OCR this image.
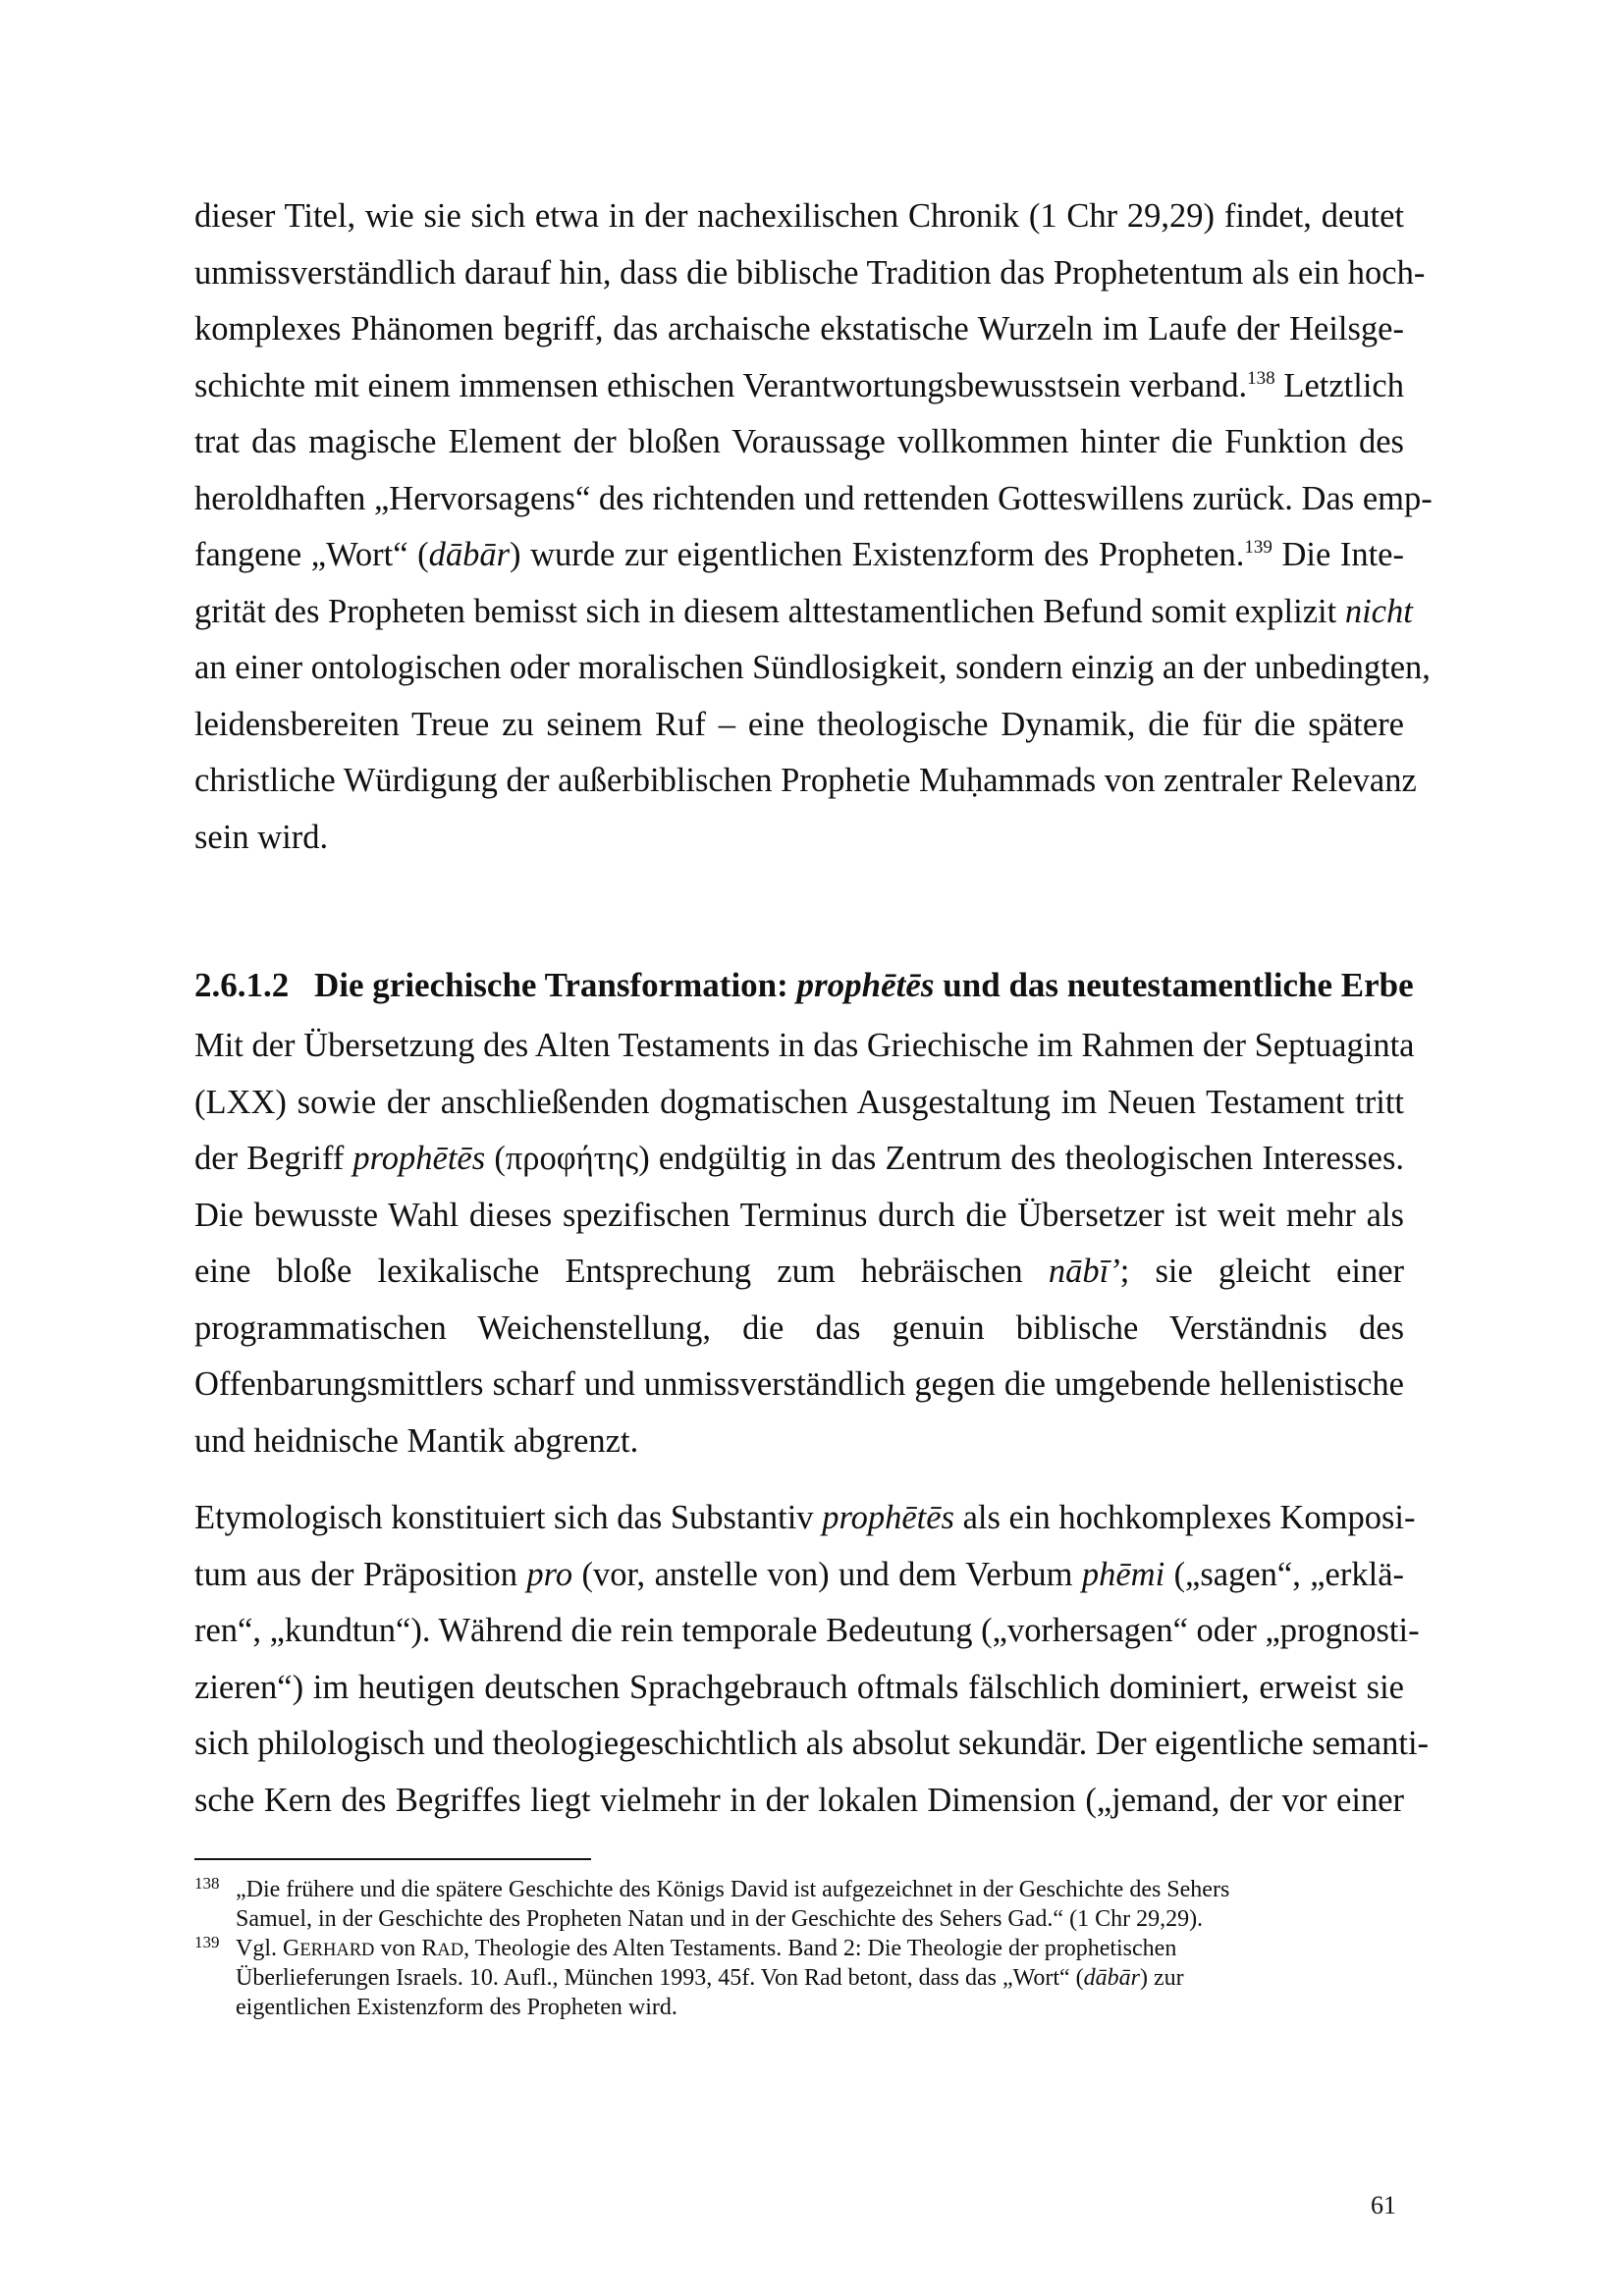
dieser Titel, wie sie sich etwa in der nachexilischen Chronik (1 Chr 29,29) findet, deutet
unmissverständlich darauf hin, dass die biblische Tradition das Prophetentum als ein hoch-
komplexes Phänomen begriff, das archaische ekstatische Wurzeln im Laufe der Heilsge-
schichte mit einem immensen ethischen Verantwortungsbewusstsein verband.$^{138}$ Letztlich
trat das magische Element der bloßen Voraussage vollkommen hinter die Funktion des
heroldhaften „Hervorsagens“ des richtenden und rettenden Gotteswillens zurück. Das emp-
fangene „Wort“ (dābār) wurde zur eigentlichen Existenzform des Propheten.$^{139}$ Die Inte-
grität des Propheten bemisst sich in diesem alttestamentlichen Befund somit explizit nicht
an einer ontologischen oder moralischen Sündlosigkeit, sondern einzig an der unbedingten,
leidensbereiten Treue zu seinem Ruf – eine theologische Dynamik, die für die spätere
christliche Würdigung der außerbiblischen Prophetie Muḥammads von zentraler Relevanz
sein wird.
2.6.1.2 Die griechische Transformation: prophētēs und das neutestamentliche Erbe
Mit der Übersetzung des Alten Testaments in das Griechische im Rahmen der Septuaginta
(LXX) sowie der anschließenden dogmatischen Ausgestaltung im Neuen Testament tritt
der Begriff prophētēs (προφήτης) endgültig in das Zentrum des theologischen Interesses.
Die bewusste Wahl dieses spezifischen Terminus durch die Übersetzer ist weit mehr als
eine bloße lexikalische Entsprechung zum hebräischen nābī’; sie gleicht einer
programmatischen Weichenstellung, die das genuin biblische Verständnis des
Offenbarungsmittlers scharf und unmissverständlich gegen die umgebende hellenistische
und heidnische Mantik abgrenzt.
Etymologisch konstituiert sich das Substantiv prophētēs als ein hochkomplexes Komposi-
tum aus der Präposition pro (vor, anstelle von) und dem Verbum phēmi („sagen“, „erklä-
ren“, „kundtun“). Während die rein temporale Bedeutung („vorhersagen“ oder „prognosti-
zieren“) im heutigen deutschen Sprachgebrauch oftmals fälschlich dominiert, erweist sie
sich philologisch und theologiegeschichtlich als absolut sekundär. Der eigentliche semanti-
sche Kern des Begriffes liegt vielmehr in der lokalen Dimension („jemand, der vor einer
138 „Die frühere und die spätere Geschichte des Königs David ist aufgezeichnet in der Geschichte des Sehers
Samuel, in der Geschichte des Propheten Natan und in der Geschichte des Sehers Gad.“ (1 Chr 29,29).
139 Vgl. GERHARD von RAD, Theologie des Alten Testaments. Band 2: Die Theologie der prophetischen
Überlieferungen Israels. 10. Aufl., München 1993, 45f. Von Rad betont, dass das „Wort“ (dābār) zur
eigentlichen Existenzform des Propheten wird.
61
